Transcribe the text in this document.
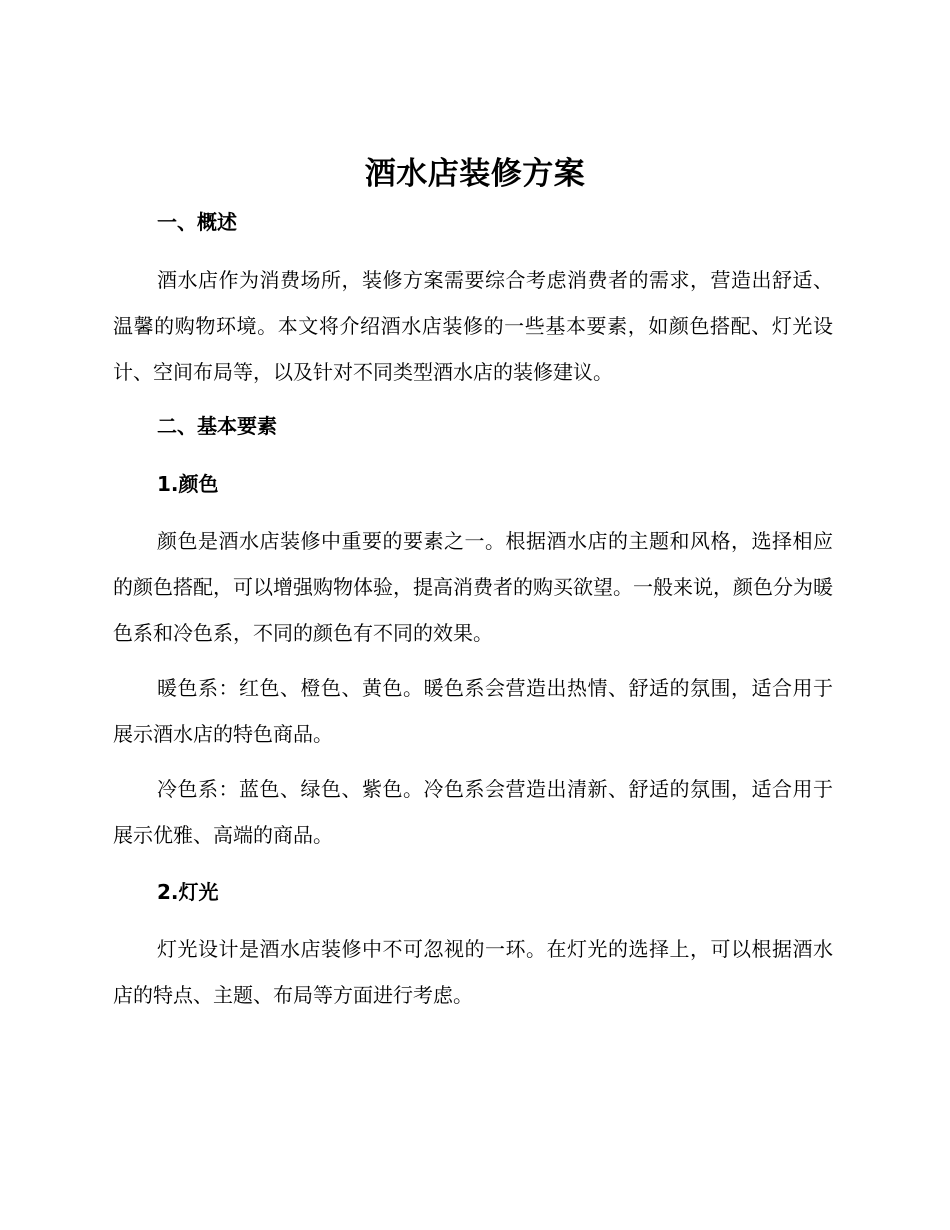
酒水店装修方案
一、概述

酒水店作为消费场所，装修方案需要综合考虑消费者的需求，营造出舒适、温馨的购物环境。本文将介绍酒水店装修的一些基本要素，如颜色搭配、灯光设计、空间布局等，以及针对不同类型酒水店的装修建议。

二、基本要素
1.颜色

颜色是酒水店装修中重要的要素之一。根据酒水店的主题和风格，选择相应的颜色搭配，可以增强购物体验，提高消费者的购买欲望。一般来说，颜色分为暖色系和冷色系，不同的颜色有不同的效果。

暖色系：红色、橙色、黄色。暖色系会营造出热情、舒适的氛围，适合用于展示酒水店的特色商品。

冷色系：蓝色、绿色、紫色。冷色系会营造出清新、舒适的氛围，适合用于展示优雅、高端的商品。

2.灯光

灯光设计是酒水店装修中不可忽视的一环。在灯光的选择上，可以根据酒水店的特点、主题、布局等方面进行考虑。
